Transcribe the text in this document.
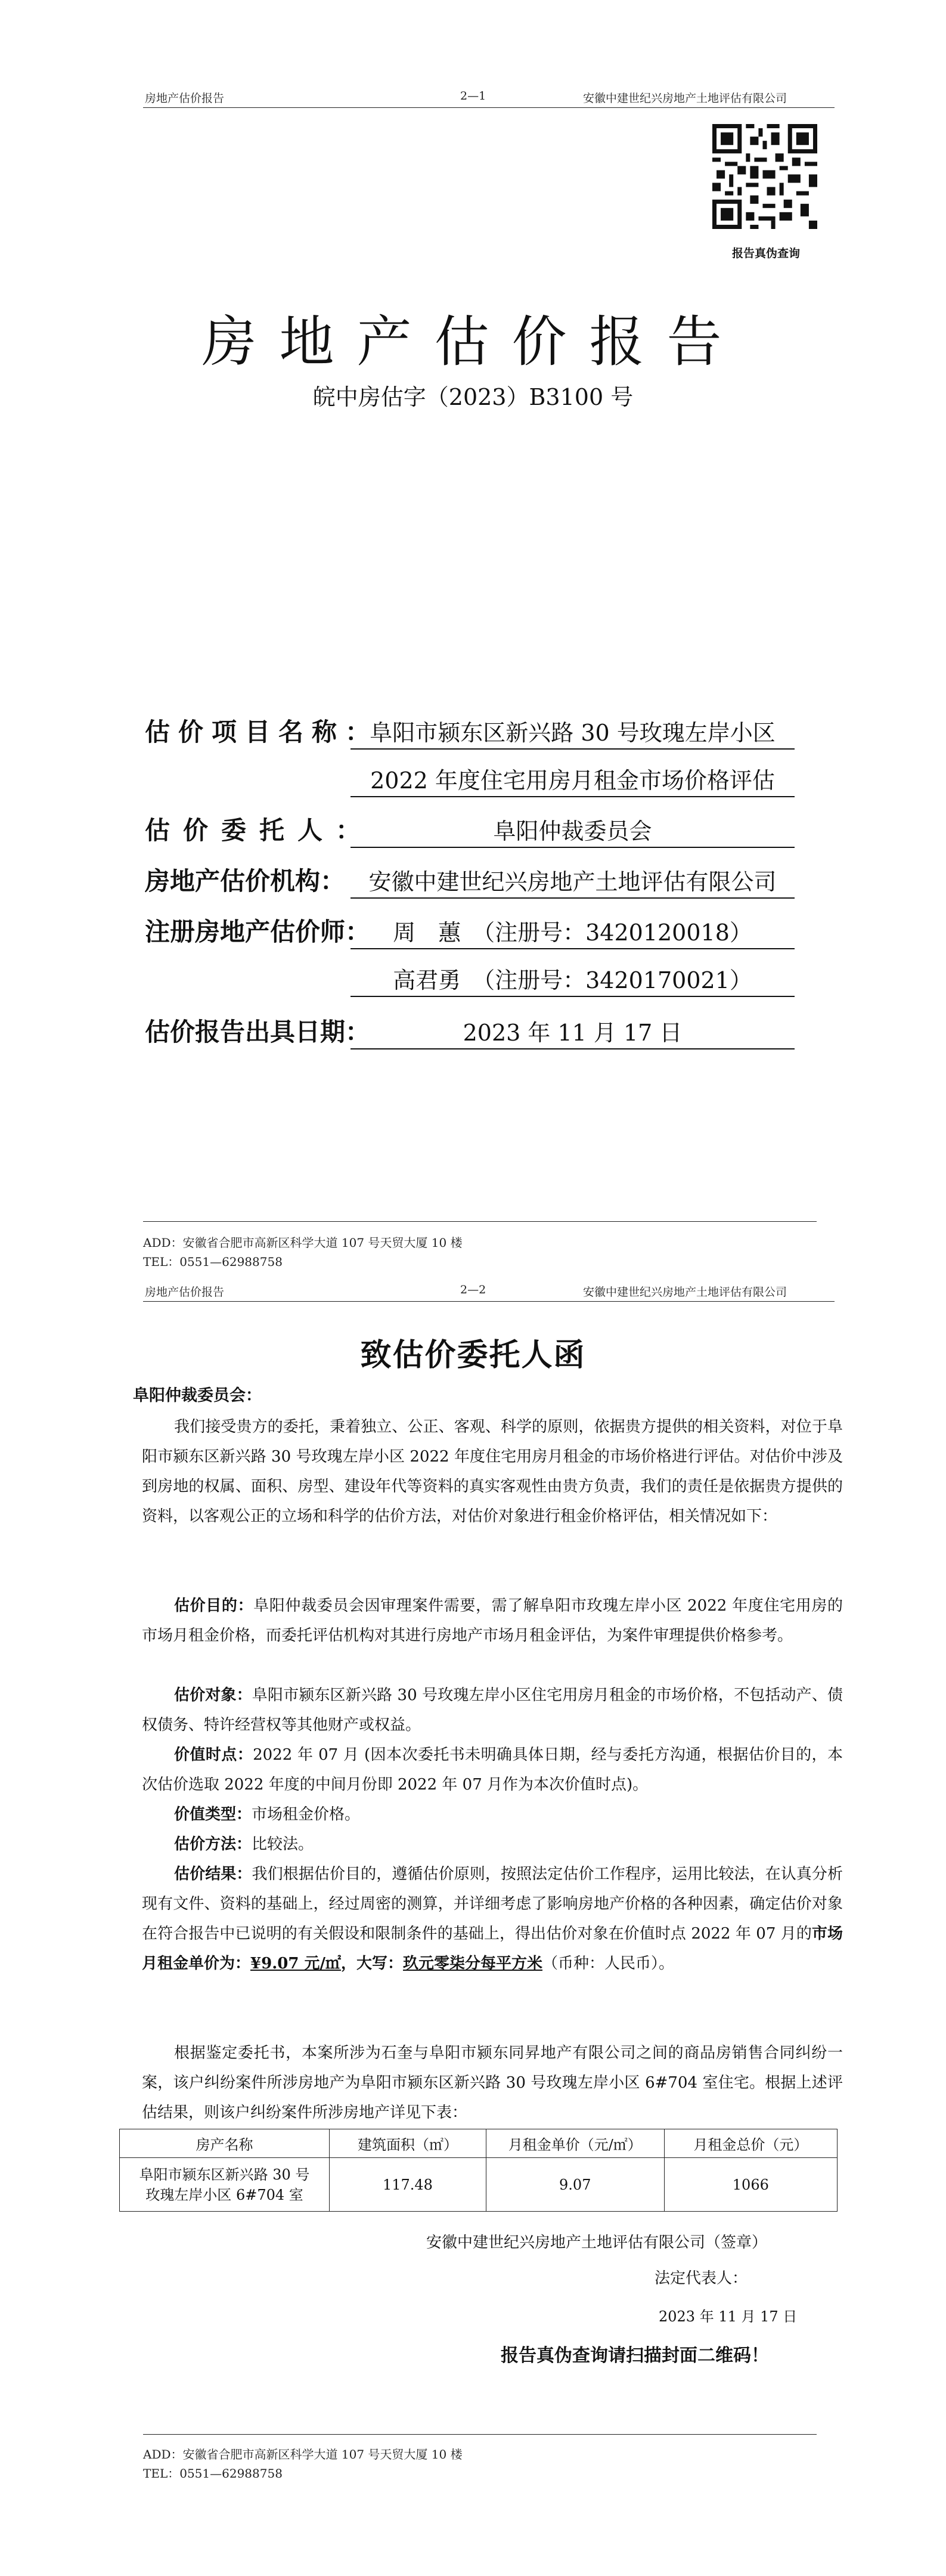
房地产估价报告	2—1	安徽中建世纪兴房地产土地评估有限公司
报告真伪查询
房地产估价报告
皖中房估字（2023）B3100 号
估价项目名称：
阜阳市颍东区新兴路 30 号玫瑰左岸小区
2022 年度住宅用房月租金市场价格评估
估价委托人：	阜阳仲裁委员会
房地产估价机构：	安徽中建世纪兴房地产土地评估有限公司
注册房地产估价师：	周　蕙　（注册号：3420120018）
高君勇　（注册号：3420170021）
估价报告出具日期：	2023 年 11 月 17 日
ADD：安徽省合肥市高新区科学大道 107 号天贸大厦 10 楼
TEL：0551—62988758
房地产估价报告	2—2	安徽中建世纪兴房地产土地评估有限公司
致估价委托人函
阜阳仲裁委员会：
我们接受贵方的委托，秉着独立、公正、客观、科学的原则，依据贵方提供的相关资料，对位于阜阳市颍东区新兴路 30 号玫瑰左岸小区 2022 年度住宅用房月租金的市场价格进行评估。对估价中涉及到房地的权属、面积、房型、建设年代等资料的真实客观性由贵方负责，我们的责任是依据贵方提供的资料，以客观公正的立场和科学的估价方法，对估价对象进行租金价格评估，相关情况如下：
估价目的：阜阳仲裁委员会因审理案件需要，需了解阜阳市玫瑰左岸小区 2022 年度住宅用房的市场月租金价格，而委托评估机构对其进行房地产市场月租金评估，为案件审理提供价格参考。
估价对象：阜阳市颍东区新兴路 30 号玫瑰左岸小区住宅用房月租金的市场价格，不包括动产、债权债务、特许经营权等其他财产或权益。
价值时点：2022 年 07 月 (因本次委托书未明确具体日期，经与委托方沟通，根据估价目的，本次估价选取 2022 年度的中间月份即 2022 年 07 月作为本次价值时点)。
价值类型：市场租金价格。
估价方法：比较法。
估价结果：我们根据估价目的，遵循估价原则，按照法定估价工作程序，运用比较法，在认真分析现有文件、资料的基础上，经过周密的测算，并详细考虑了影响房地产价格的各种因素，确定估价对象在符合报告中已说明的有关假设和限制条件的基础上，得出估价对象在价值时点 2022 年 07 月的市场月租金单价为：¥9.07 元/㎡，大写：玖元零柒分每平方米（币种：人民币）。
根据鉴定委托书，本案所涉为石奎与阜阳市颍东同昇地产有限公司之间的商品房销售合同纠纷一案，该户纠纷案件所涉房地产为阜阳市颍东区新兴路 30 号玫瑰左岸小区 6#704 室住宅。根据上述评估结果，则该户纠纷案件所涉房地产详见下表：
房产名称	建筑面积（㎡）	月租金单价（元/㎡）	月租金总价（元）

阜阳市颍东区新兴路 30 号
玫瑰左岸小区 6#704 室	117.48	9.07	1066
安徽中建世纪兴房地产土地评估有限公司（签章）
法定代表人：
2023 年 11 月 17 日
报告真伪查询请扫描封面二维码！
ADD：安徽省合肥市高新区科学大道 107 号天贸大厦 10 楼
TEL：0551—62988758
